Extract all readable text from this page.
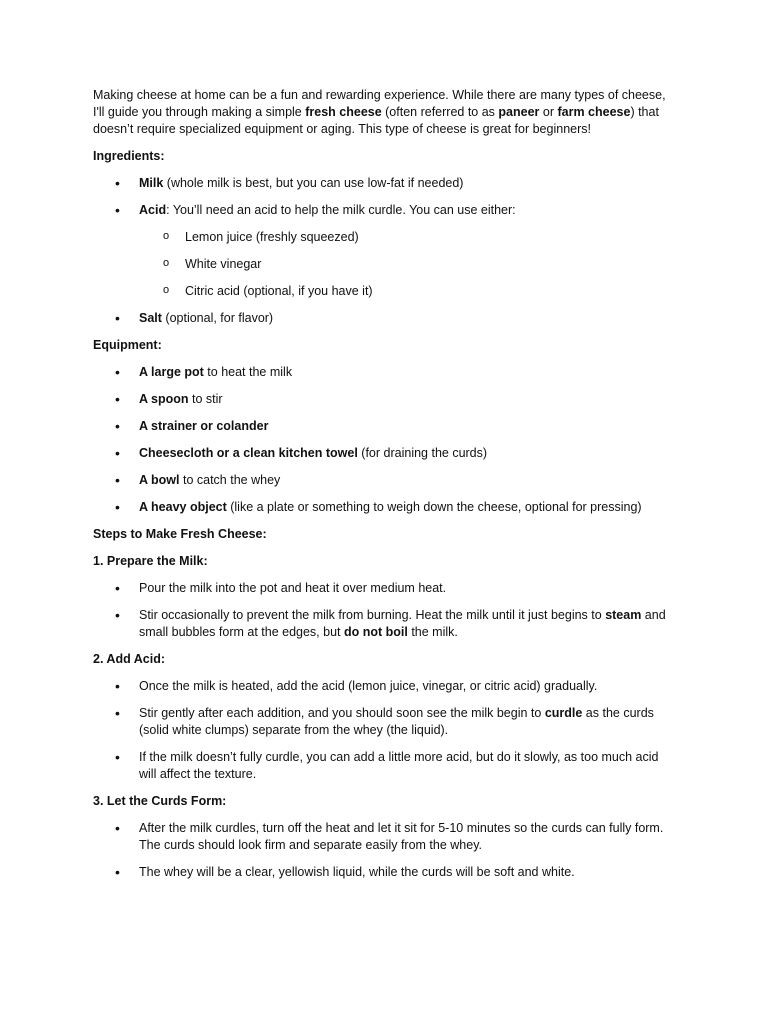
Making cheese at home can be a fun and rewarding experience. While there are many types of cheese, I'll guide you through making a simple fresh cheese (often referred to as paneer or farm cheese) that doesn’t require specialized equipment or aging. This type of cheese is great for beginners!

Ingredients:

• Milk (whole milk is best, but you can use low-fat if needed)
• Acid: You’ll need an acid to help the milk curdle. You can use either:
o Lemon juice (freshly squeezed)
o White vinegar
o Citric acid (optional, if you have it)
• Salt (optional, for flavor)

Equipment:

• A large pot to heat the milk
• A spoon to stir
• A strainer or colander
• Cheesecloth or a clean kitchen towel (for draining the curds)
• A bowl to catch the whey
• A heavy object (like a plate or something to weigh down the cheese, optional for pressing)

Steps to Make Fresh Cheese:

1. Prepare the Milk:

• Pour the milk into the pot and heat it over medium heat.
• Stir occasionally to prevent the milk from burning. Heat the milk until it just begins to steam and small bubbles form at the edges, but do not boil the milk.

2. Add Acid:

• Once the milk is heated, add the acid (lemon juice, vinegar, or citric acid) gradually.
• Stir gently after each addition, and you should soon see the milk begin to curdle as the curds (solid white clumps) separate from the whey (the liquid).
• If the milk doesn’t fully curdle, you can add a little more acid, but do it slowly, as too much acid will affect the texture.

3. Let the Curds Form:

• After the milk curdles, turn off the heat and let it sit for 5-10 minutes so the curds can fully form. The curds should look firm and separate easily from the whey.
• The whey will be a clear, yellowish liquid, while the curds will be soft and white.
